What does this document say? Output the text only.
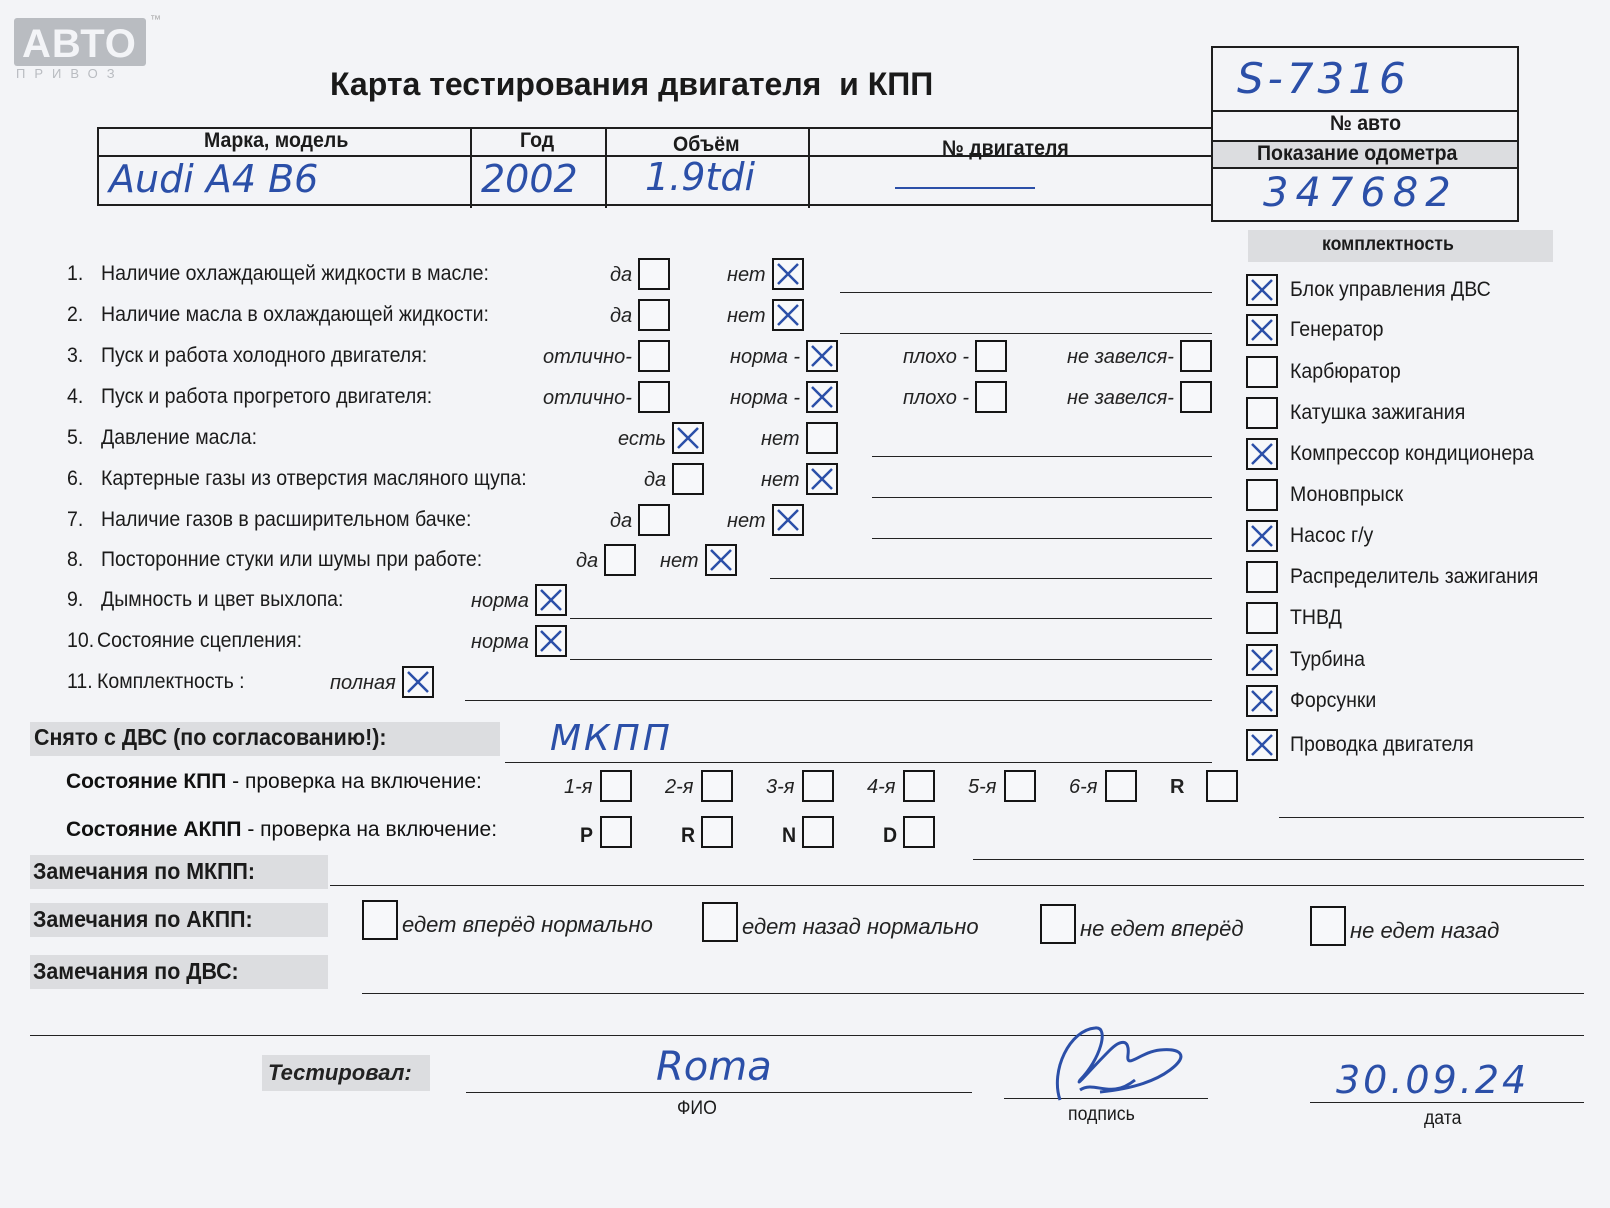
АВТО
™
ПРИВОЗ	Карта тестирования двигателя  и КПП
Марка, модель	Год	Объём	№ двигателя
Audi A4 B6	2002 1.9tdi
S-7316
№ авто
Показание одометра
347682
комплектность
1. Наличие охлаждающей жидкости в масле:	да	нет
2. Наличие масла в охлаждающей жидкости:	да	нет
3. Пуск и работа холодного двигателя:	отлично-	норма -	плохо -	не завелся-
4. Пуск и работа прогретого двигателя:	отлично-	норма -	плохо -	не завелся-
5. Давление масла:	есть	нет
6. Картерные газы из отверстия масляного щупа:	да	нет
7. Наличие газов в расширительном бачке:	да	нет
8. Посторонние стуки или шумы при работе:	да	нет
9. Дымность и цвет выхлопа:	норма
10. Состояние сцепления:	норма
11. Комплектность :	полная
Блок управления ДВС
Генератор
Карбюратор
Катушка зажигания
Компрессор кондиционера
Моновпрыск
Насос г/у
Распределитель зажигания
ТНВД
Турбина
Форсунки
Проводка двигателя
Снято с ДВС (по согласованию!):	МКПП
Состояние КПП - проверка на включение:	1-я	2-я	3-я	4-я	5-я	6-я	R
Состояние АКПП - проверка на включение:	P	R	N	D
Замечания по МКПП:
Замечания по АКПП:	едет вперёд нормально	едет назад нормально	не едет вперёд	не едет назад
Замечания по ДВС:
Тестировал:	Roma
ФИО	подпись
30.09.24
дата
